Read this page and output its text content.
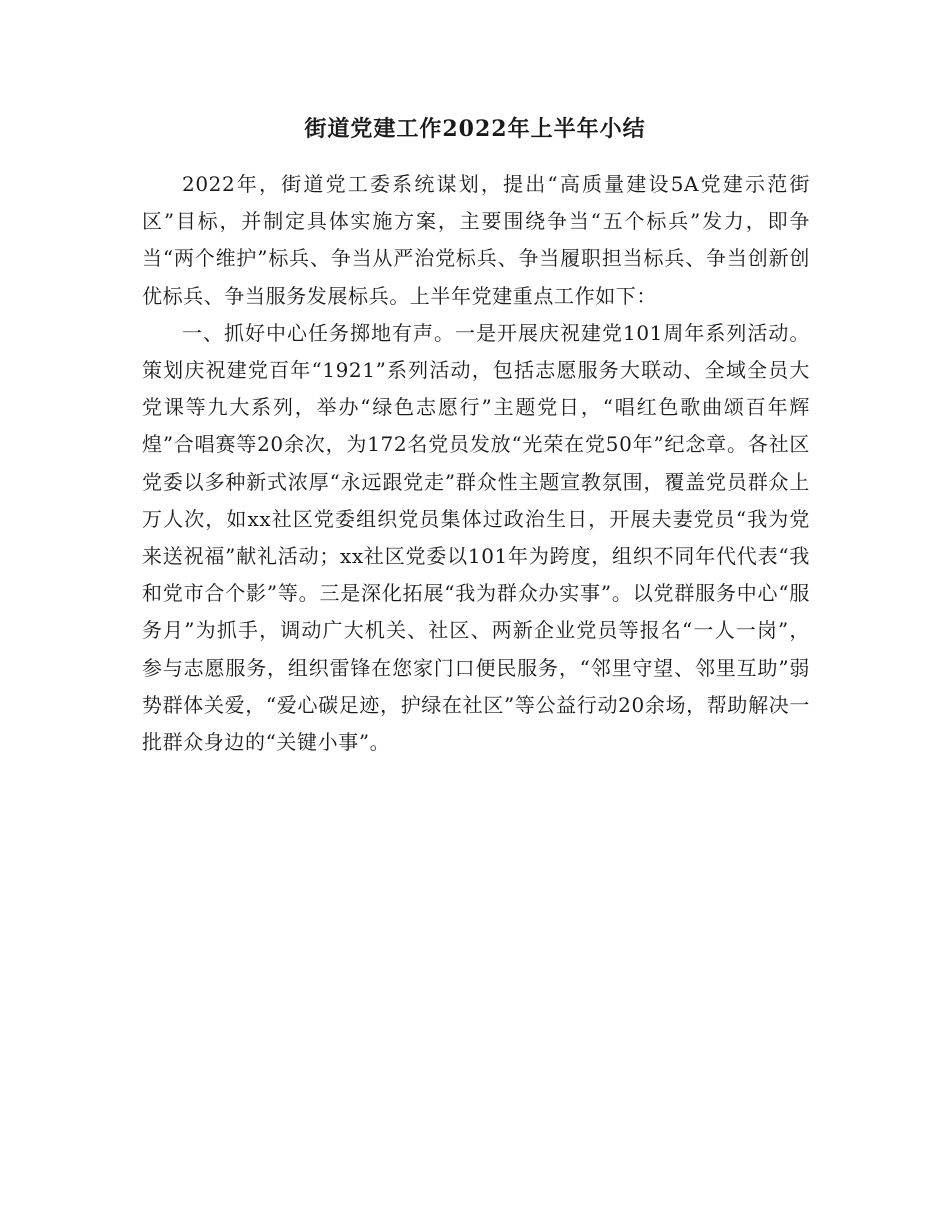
街道党建工作2022年上半年小结

2022年，街道党工委系统谋划，提出“高质量建设5A党建示范街区”目标，并制定具体实施方案，主要围绕争当“五个标兵”发力，即争当“两个维护”标兵、争当从严治党标兵、争当履职担当标兵、争当创新创优标兵、争当服务发展标兵。上半年党建重点工作如下：

一、抓好中心任务掷地有声。一是开展庆祝建党101周年系列活动。策划庆祝建党百年“1921”系列活动，包括志愿服务大联动、全域全员大党课等九大系列，举办“绿色志愿行”主题党日，“唱红色歌曲颂百年辉煌”合唱赛等20余次，为172名党员发放“光荣在党50年”纪念章。各社区党委以多种新式浓厚“永远跟党走”群众性主题宣教氛围，覆盖党员群众上万人次，如xx社区党委组织党员集体过政治生日，开展夫妻党员“我为党来送祝福”献礼活动；xx社区党委以101年为跨度，组织不同年代代表“我和党市合个影”等。三是深化拓展“我为群众办实事”。以党群服务中心“服务月”为抓手，调动广大机关、社区、两新企业党员等报名“一人一岗”，参与志愿服务，组织雷锋在您家门口便民服务，“邻里守望、邻里互助”弱势群体关爱，“爱心碳足迹，护绿在社区”等公益行动20余场，帮助解决一批群众身边的“关键小事”。
